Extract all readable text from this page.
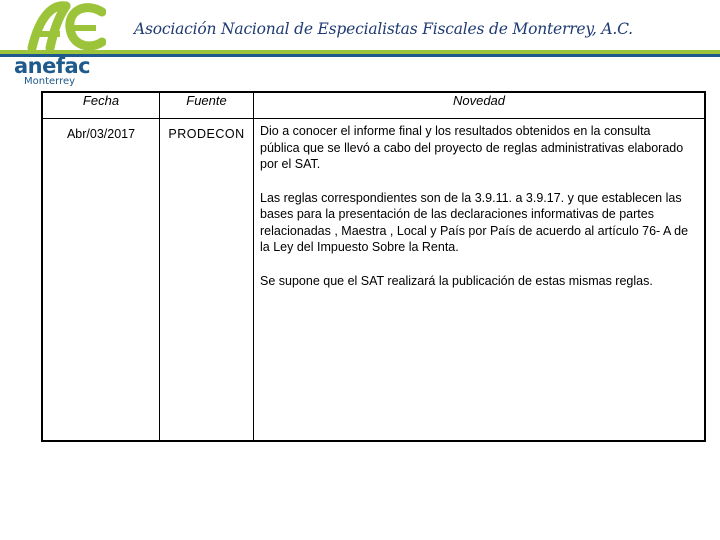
anefac
Monterrey
Asociación Nacional de Especialistas Fiscales de Monterrey, A.C.
Fecha	Fuente	Novedad
Abr/03/2017	PRODECON	Dio a conocer el informe final y los resultados obtenidos en la consulta pública que se llevó a cabo del proyecto de reglas administrativas elaborado por el SAT.

Las reglas correspondientes son de la 3.9.11. a 3.9.17. y que establecen las bases para la presentación de las declaraciones informativas de partes relacionadas , Maestra , Local y País por País de acuerdo al artículo 76- A de la Ley del Impuesto Sobre la Renta.

Se supone que el SAT realizará la publicación de estas mismas reglas.
